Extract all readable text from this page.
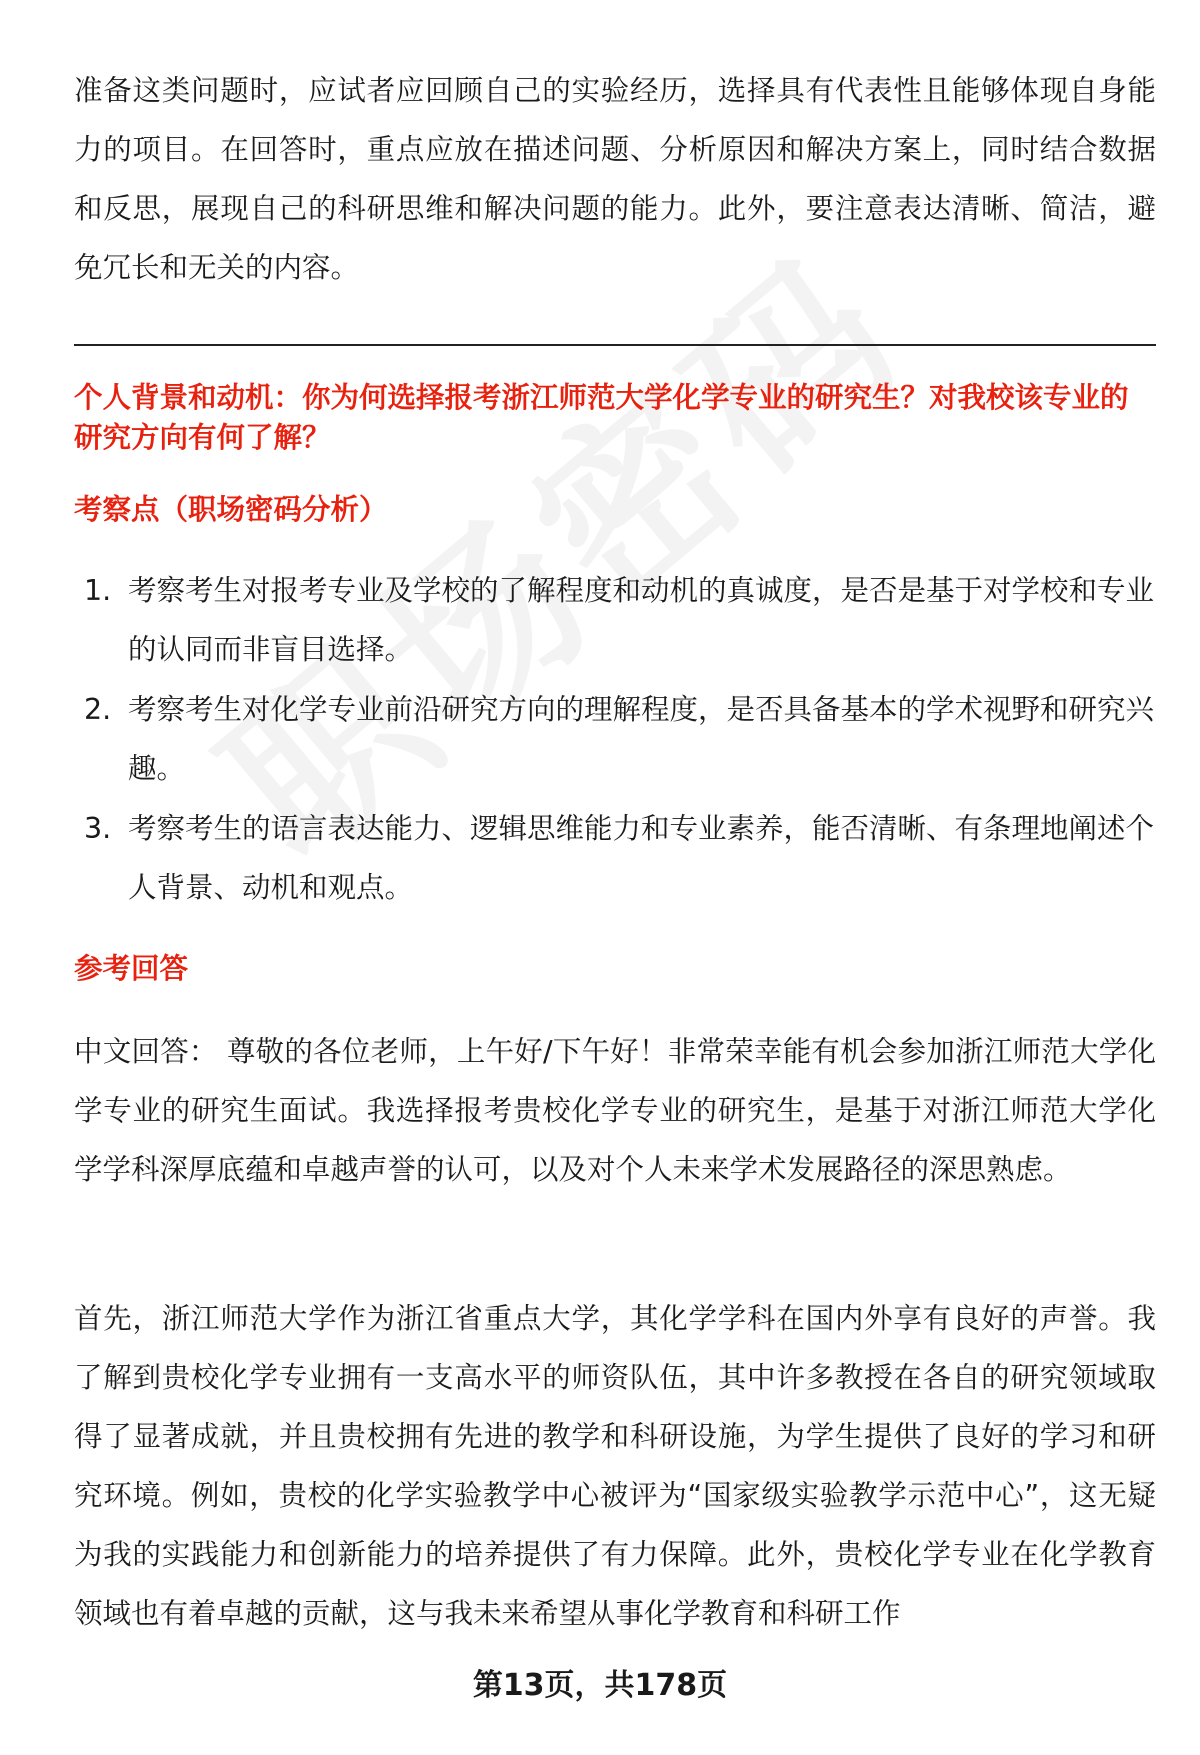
准备这类问题时，应试者应回顾自己的实验经历，选择具有代表性且能够体现自身能力的项目。在回答时，重点应放在描述问题、分析原因和解决方案上，同时结合数据和反思，展现自己的科研思维和解决问题的能力。此外，要注意表达清晰、简洁，避免冗长和无关的内容。

个人背景和动机：你为何选择报考浙江师范大学化学专业的研究生？对我校该专业的研究方向有何了解？

考察点（职场密码分析）

1. 考察考生对报考专业及学校的了解程度和动机的真诚度，是否是基于对学校和专业的认同而非盲目选择。
2. 考察考生对化学专业前沿研究方向的理解程度，是否具备基本的学术视野和研究兴趣。
3. 考察考生的语言表达能力、逻辑思维能力和专业素养，能否清晰、有条理地阐述个人背景、动机和观点。

参考回答

中文回答： 尊敬的各位老师，上午好/下午好！非常荣幸能有机会参加浙江师范大学化学专业的研究生面试。我选择报考贵校化学专业的研究生，是基于对浙江师范大学化学学科深厚底蕴和卓越声誉的认可，以及对个人未来学术发展路径的深思熟虑。

首先，浙江师范大学作为浙江省重点大学，其化学学科在国内外享有良好的声誉。我了解到贵校化学专业拥有一支高水平的师资队伍，其中许多教授在各自的研究领域取得了显著成就，并且贵校拥有先进的教学和科研设施，为学生提供了良好的学习和研究环境。例如，贵校的化学实验教学中心被评为“国家级实验教学示范中心”，这无疑为我的实践能力和创新能力的培养提供了有力保障。此外，贵校化学专业在化学教育领域也有着卓越的贡献，这与我未来希望从事化学教育和科研工作

第13页，共178页
